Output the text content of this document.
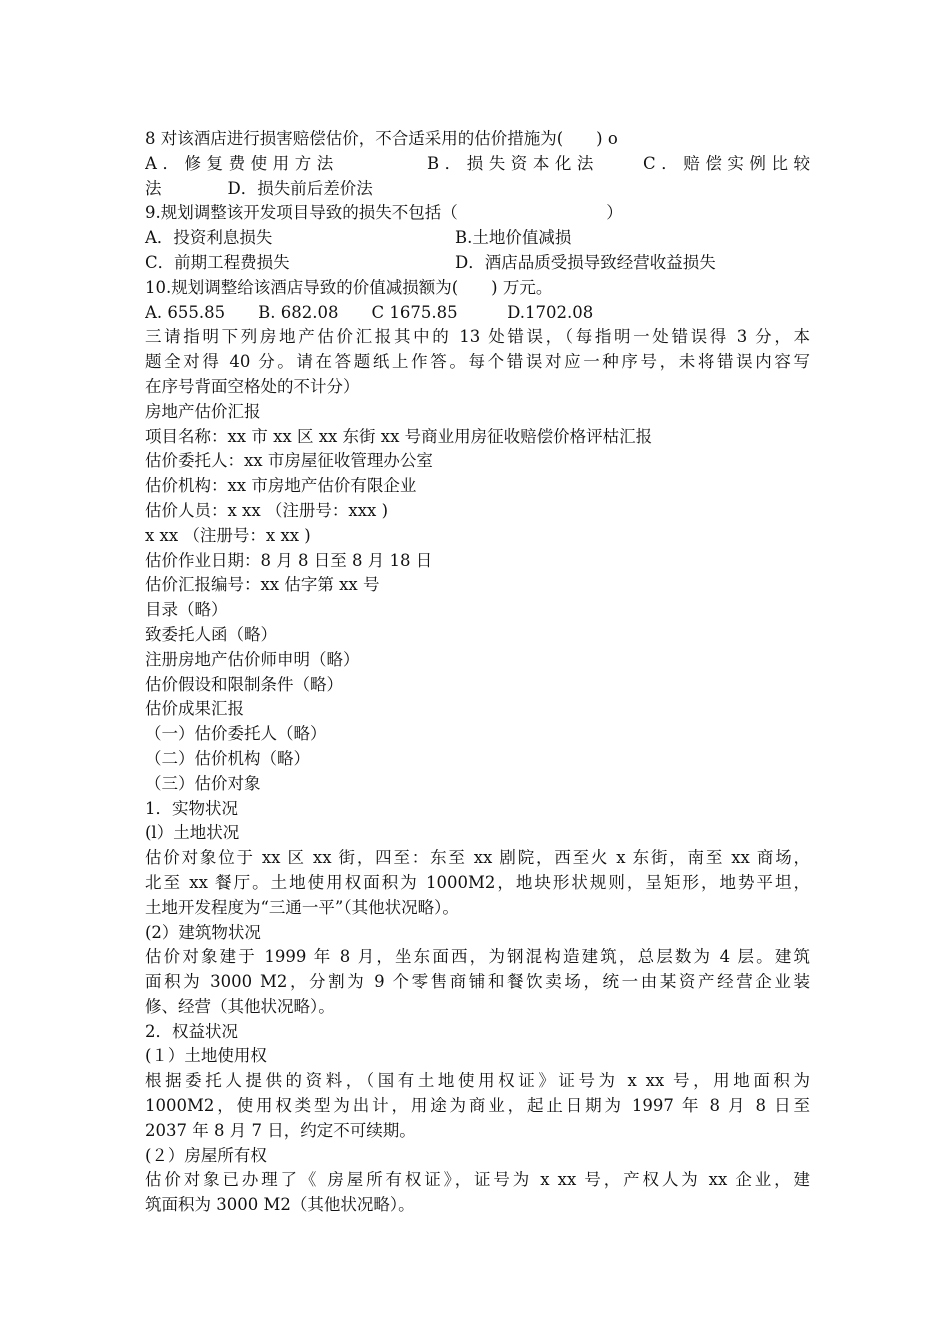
8 对该酒店进行损害赔偿估价，不合适采用的估价措施为(　　) o
A．修复费使用方法　　　　B．损失资本化法　　C．赔偿实例比较
法　　　　D．损失前后差价法
9.规划调整该开发项目导致的损失不包括（　　　　　　　　　）
A．投资利息损失	B.土地价值减损
C．前期工程费损失	D．酒店品质受损导致经营收益损失
10.规划调整给该酒店导致的价值减损额为(　　) 万元。
A. 655.85　　B. 682.08　　C 1675.85　　　D.1702.08
三请指明下列房地产估价汇报其中的 13 处错误，（每指明一处错误得 3 分，本
题全对得 40 分。请在答题纸上作答。每个错误对应一种序号，未将错误内容写
在序号背面空格处的不计分）
房地产估价汇报
项目名称：xx 市 xx 区 xx 东街 xx 号商业用房征收赔偿价格评枯汇报
估价委托人：xx 市房屋征收管理办公室
估价机构：xx 市房地产估价有限企业
估价人员：x xx （注册号：xxx )
x xx （注册号：x xx )
估价作业日期：8 月 8 日至 8 月 18 日
估价汇报编号：xx 估字第 xx 号
目录（略）
致委托人函（略）
注册房地产估价师申明（略）
估价假设和限制条件（略）
估价成果汇报
（一）估价委托人（略）
（二）估价机构（略）
（三）估价对象
1．实物状况
(l）土地状况
估价对象位于 xx 区 xx 街，四至：东至 xx 剧院，西至火 x 东街，南至 xx 商场，
北至 xx 餐厅。土地使用权面积为 1000M2，地块形状规则，呈矩形，地势平坦，
土地开发程度为“三通一平”（其他状况略）。
(2）建筑物状况
估价对象建于 1999 年 8 月，坐东面西，为钢混构造建筑，总层数为 4 层。建筑
面积为 3000 M2，分割为 9 个零售商铺和餐饮卖场，统一由某资产经营企业装
修、经营（其他状况略）。
2．权益状况
(１）土地使用权
根据委托人提供的资料，（国有土地使用权证》证号为 x xx 号，用地面积为
1000M2，使用权类型为出计，用途为商业，起止日期为 1997 年 8 月 8 日至
2037 年 8 月 7 日，约定不可续期。
(２）房屋所有权
估价对象已办理了《 房屋所有权证》，证号为 x xx 号，产权人为 xx 企业，建
筑面积为 3000 M2（其他状况略）。
